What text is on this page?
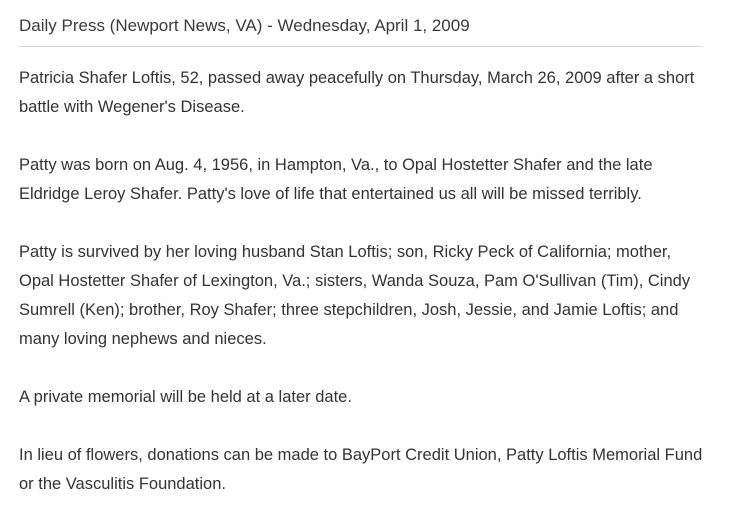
Daily Press (Newport News, VA) - Wednesday, April 1, 2009

Patricia Shafer Loftis, 52, passed away peacefully on Thursday, March 26, 2009 after a short battle with Wegener's Disease.

Patty was born on Aug. 4, 1956, in Hampton, Va., to Opal Hostetter Shafer and the late Eldridge Leroy Shafer. Patty's love of life that entertained us all will be missed terribly.

Patty is survived by her loving husband Stan Loftis; son, Ricky Peck of California; mother, Opal Hostetter Shafer of Lexington, Va.; sisters, Wanda Souza, Pam O'Sullivan (Tim), Cindy Sumrell (Ken); brother, Roy Shafer; three stepchildren, Josh, Jessie, and Jamie Loftis; and many loving nephews and nieces.

A private memorial will be held at a later date.

In lieu of flowers, donations can be made to BayPort Credit Union, Patty Loftis Memorial Fund or the Vasculitis Foundation.
